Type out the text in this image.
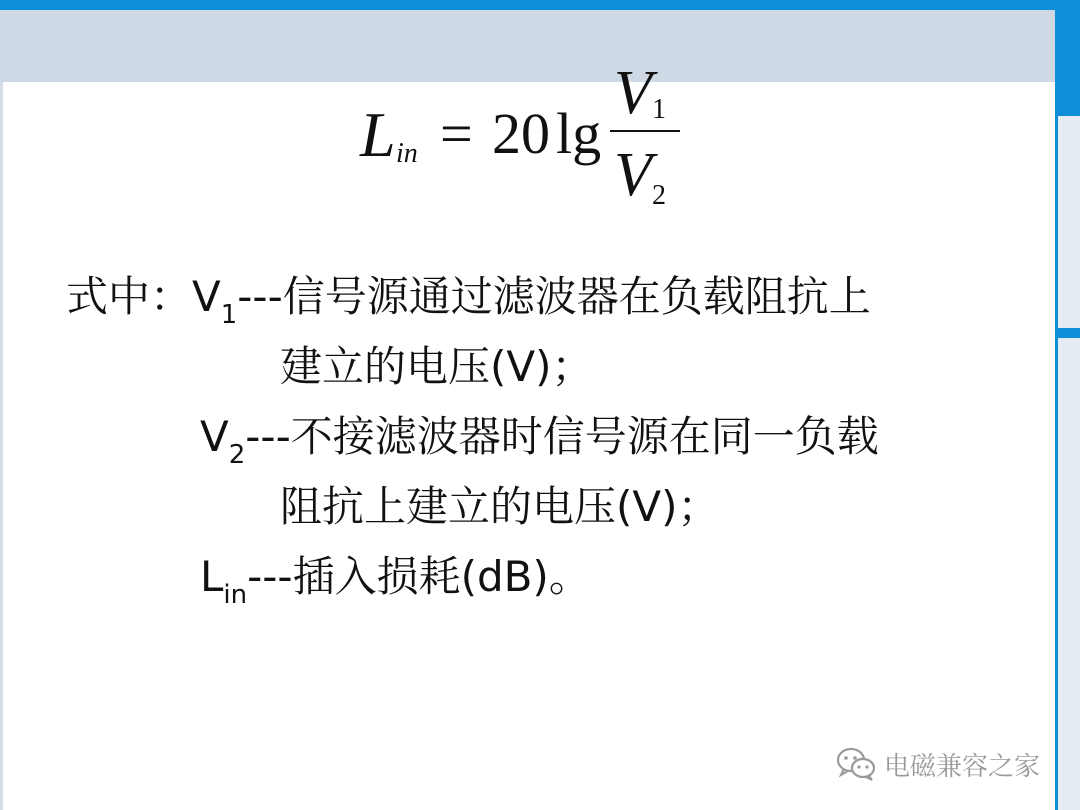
L in = 20 lg
V 1
V 2
式中：$V_1---$信号源通过滤波器在负载阻抗上
建立的电压(V)；
$V_2---$不接滤波器时信号源在同一负载
阻抗上建立的电压(V)；
$L_{in}---$插入损耗(dB)。
电磁兼容之家
